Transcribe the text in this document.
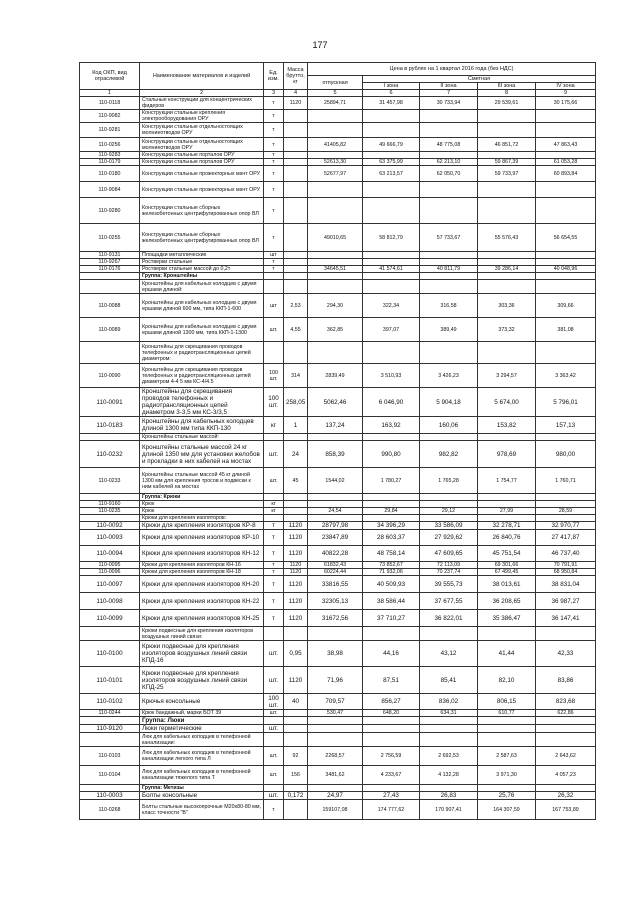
177
Код ОКП, вид отраслевой	Наименование материалов и изделий	Ед. изм.	Масса брутто, кг	Цена в рублях на 1 квартал 2016 года (без НДС)				
				отпускная	Сметная			
					I зона	II зона	III зона	IV зона
1	2	3	4	5	6	7	8	9
110-0118	Стальные конструкции для концентрических фидеров	т	1120	25894,71	31 457,98	30 733,94	29 539,61	30 175,66
110-9082	Конструкции стальные крепления электрооборудования ОРУ	т						
110-9281	Конструкции стальные отдельностоящих молниеотводов ОРУ	т						
110-0256	Конструкции стальные отдельностоящих молниеотводов ОРУ	т		41405,82	49 666,79	48 775,08	46 851,72	47 863,43
110-9283	Конструкции стальные порталов ОРУ	т						
110-0179	Конструкции стальные порталов ОРУ	т		52613,30	63 375,99	62 213,10	59 867,39	61 053,28
110-0180	Конструкции стальные прожекторных мачт ОРУ	т		52677,97	63 213,57	62 050,70	59 733,97	60 893,84
110-9084	Конструкции стальные прожекторных мачт ОРУ	т						
110-9280	Конструкции стальные сборных железобетонных центрифугированных опор ВЛ	т						
110-0255	Конструкции стальные сборных железобетонных центрифугированных опор ВЛ	т		49010,65	58 812,79	57 733,67	55 576,43	56 654,55
110-9131	Площадки металлические	шт						
110-9267	Ростверки стальные	т						
110-0176	Ростверки стальные массой до 0,2т	т		34645,51	41 574,61	40 811,79	39 286,14	40 048,96
	Группа: Кронштейны							
	Кронштейны для кабельных колодцев с двумя ершами длиной:							
110-0088	Кронштейны для кабельных колодцев с двумя ершами длиной 600 мм, типа ККП-1-600	шт	2,53	294,30	322,34	316,58	303,36	309,66
110-0089	Кронштейны для кабельных колодцев с двумя ершами длиной 1300 мм, типа ККП-1-1300	шт.	4,55	362,85	397,07	389,49	373,32	381,08
	Кронштейны для скрещивания проводов телефонных и радиотрансляционных цепей диаметром:							
110-0090	Кронштейны для скрещивания проводов телефонных и радиотрансляционных цепей диаметром 4-4 5 мм КС-4/4.5	100 шт.	314	2839,49	3 510,93	3 426,23	3 294,57	3 363,42
110-0091	Кронштейны для скрещивания проводов телефонных и радиотрансляционных цепей диаметром 3-3,5 мм КС-3/3,5	100 шт.	258,05	5062,46	6 046,90	5 904,18	5 674,00	5 796,01
110-0183	Кронштейны для кабельных колодцев длиной 1300 мм типа ККП-130	кг	1	137,24	163,92	160,06	153,82	157,13
	Кронштейны стальные массой:							
110-0232	Кронштейны стальные массой 24 кг длиной 1350 мм для установки желобов и прокладки в них кабелей на мостах	шт.	24	858,39	990,80	982,82	978,69	980,00
110-0233	Кронштейны стальные массой 45 кг длиной 1300 мм для крепления тросов и подвески к ним кабелей на мостах	шт.	45	1544,02	1 780,27	1 765,28	1 754,77	1 760,71
	Группа: Крюки							
110-9160	Крюк	кг						
110-0235	Крюк	кг		24,54	29,84	29,12	27,99	28,59
	Крюки для крепления изоляторов:							
110-0092	Крюки для крепления изоляторов КР-8	т	1120	28797,98	34 396,29	33 586,09	32 278,71	32 970,77
110-0093	Крюки для крепления изоляторов КР-10	т	1120	23847,89	28 603,37	27 929,62	26 840,76	27 417,87
110-0094	Крюки для крепления изоляторов КН-12	т	1120	40822,28	48 758,14	47 609,65	45 751,54	46 737,40
110-0095	Крюки для крепления изоляторов КН-16	т	1120	61832,43	73 852,67	72 113,09	69 301,66	70 791,91
110-0096	Крюки для крепления изоляторов КН-18	т	1120	60224,44	71 932,06	70 237,74	67 499,45	68 950,84
110-0097	Крюки для крепления изоляторов КН-20	т	1120	33816,55	40 509,93	39 555,73	38 013,61	38 831,04
110-0098	Крюки для крепления изоляторов КН-22	т	1120	32305,13	38 586,44	37 677,55	36 208,65	36 987,27
110-0099	Крюки для крепления изоляторов КН-25	т	1120	31672,56	37 710,27	36 822,01	35 386,47	36 147,41
	Крюки подвесные для крепления изоляторов воздушных линий связи:							
110-0100	Крюки подвесные для крепления изоляторов воздушных линий связи КПД-16	шт.	0,95	38,98	44,16	43,12	41,44	42,33
110-0101	Крюки подвесные для крепления изоляторов воздушных линий связи КПД-25	шт.	1120	71,96	87,51	85,41	82,10	83,86
110-0102	Крючья консольные	100 шт.	40	709,57	856,27	836,02	806,15	823,68
110-0244	Крюк бандажный, марки БОТ 39	шт.		530,47	648,20	634,31	610,77	622,86
	Группа: Люки							
110-9120	Люки герметические	шт.						
	Люк для кабельных колодцев в телефонной канализации:							
110-0103	Люк для кабельных колодцев в телефонной канализации легкого типа Л	шт.	92	2268,57	2 756,59	2 692,53	2 587,63	2 643,62
110-0104	Люк для кабельных колодцев в телефонной канализации тяжелого типа Т	шт.	156	3481,62	4 233,67	4 132,28	3 971,30	4 057,23
	Группа: Метизы							
110-0003	Болты консольные	шт.	0,172	24,97	27,43	26,83	25,76	26,32
110-0268	Болты стальные высокопрочные М20х80-80 мм, класс точности "В"	т		159107,08	174 777,62	170 907,41	164 307,59	167 753,89
